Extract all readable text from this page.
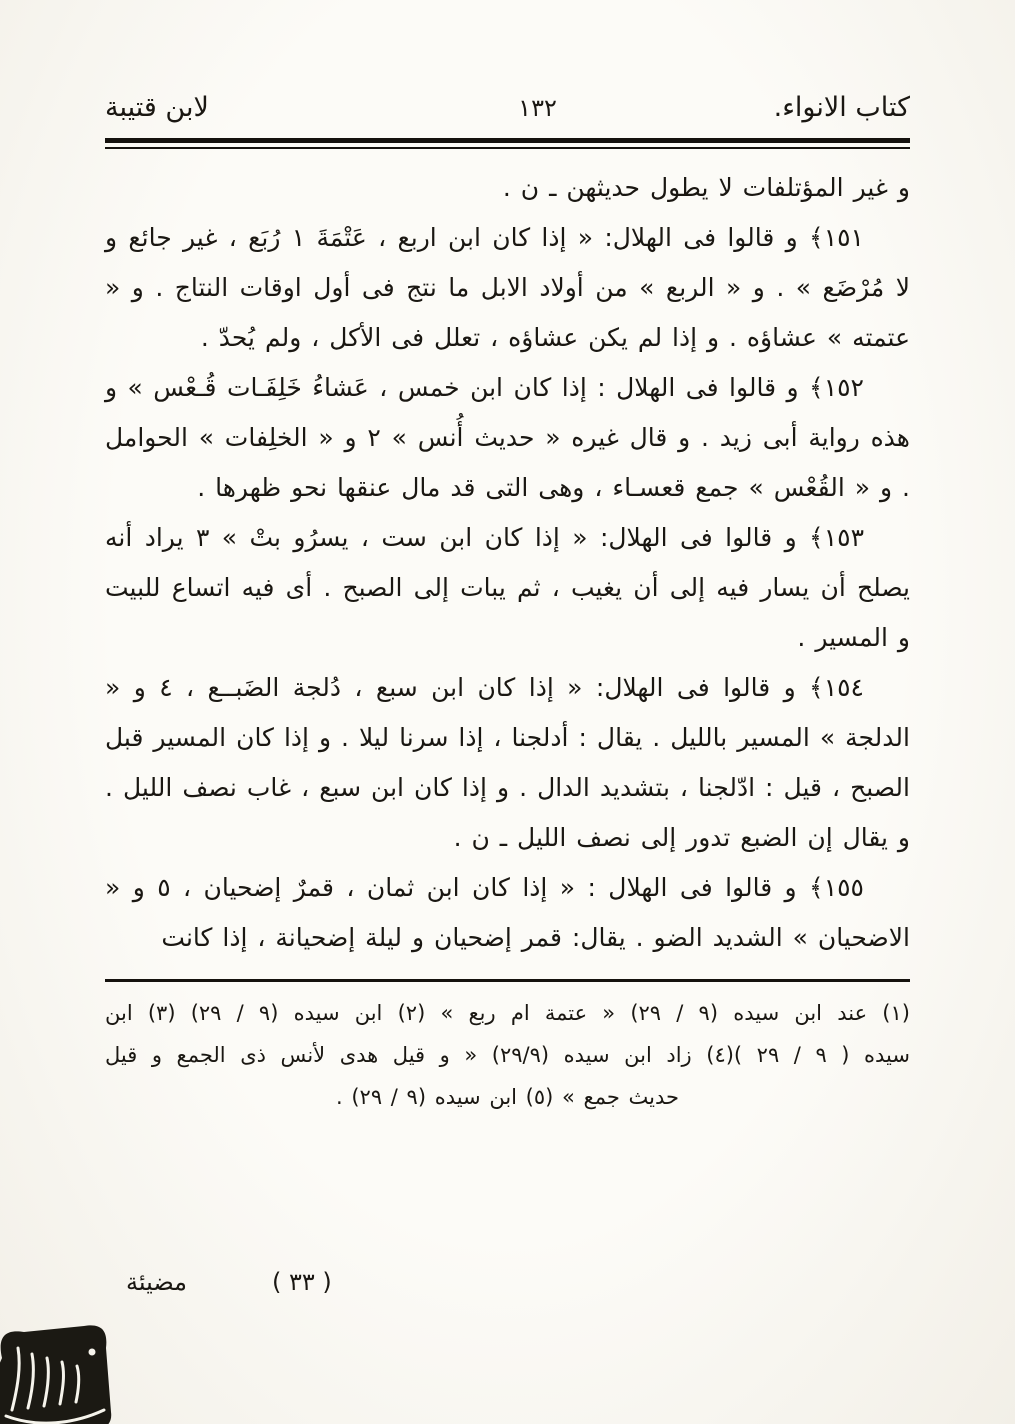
كتاب الانواء.
١٣٢
لابن قتيبة

و غير المؤتلفات لا يطول حديثهن ـ ن .

١٥١﴾ و قالوا فى الهلال: « إذا كان ابن اربع ، عَتْمَةَ ١ رُبَع ، غير جائع و لا مُرْضَع » . و « الربع » من أولاد الابل ما نتج فى أول اوقات النتاج . و « عتمته » عشاؤه . و إذا لم يكن عشاؤه ، تعلل فى الأكل ، ولم يُحدّ .

١٥٢﴾ و قالوا فى الهلال : إذا كان ابن خمس ، عَشاءُ خَلِفَـات قُـعْس » و هذه رواية أبى زيد . و قال غيره « حديث أُنس » ٢ و « الخلِفات » الحوامل . و « القُعْس » جمع قعسـاء ، وهى التى قد مال عنقها نحو ظهرها .

١٥٣﴾ و قالوا فى الهلال: « إذا كان ابن ست ، يسرُو بتْ » ٣ يراد أنه يصلح أن يسار فيه إلى أن يغيب ، ثم يبات إلى الصبح . أى فيه اتساع للبيت و المسير .

١٥٤﴾ و قالوا فى الهلال: « إذا كان ابن سبع ، دُلجة الضَبــع ، ٤ و « الدلجة » المسير بالليل . يقال : أدلجنا ، إذا سرنا ليلا . و إذا كان المسير قبل الصبح ، قيل : ادّلجنا ، بتشديد الدال . و إذا كان ابن سبع ، غاب نصف الليل . و يقال إن الضبع تدور إلى نصف الليل ـ ن .

١٥٥﴾ و قالوا فى الهلال : « إذا كان ابن ثمان ، قمرٌ إضحيان ، ٥ و « الاضحيان » الشديد الضو . يقال: قمر إضحيان و ليلة إضحيانة ، إذا كانت

(١) عند ابن سيده (٩ / ٢٩) « عتمة ام ربع » (٢) ابن سيده (٩ / ٢٩) (٣) ابن
سيده ( ٩ / ٢٩ )(٤) زاد ابن سيده (٢٩/٩) « و قيل هدى لأنس ذى الجمع و قيل
حديث جمع » (٥) ابن سيده (٩ / ٢٩) .
( ٣٣ )
مضيئة
